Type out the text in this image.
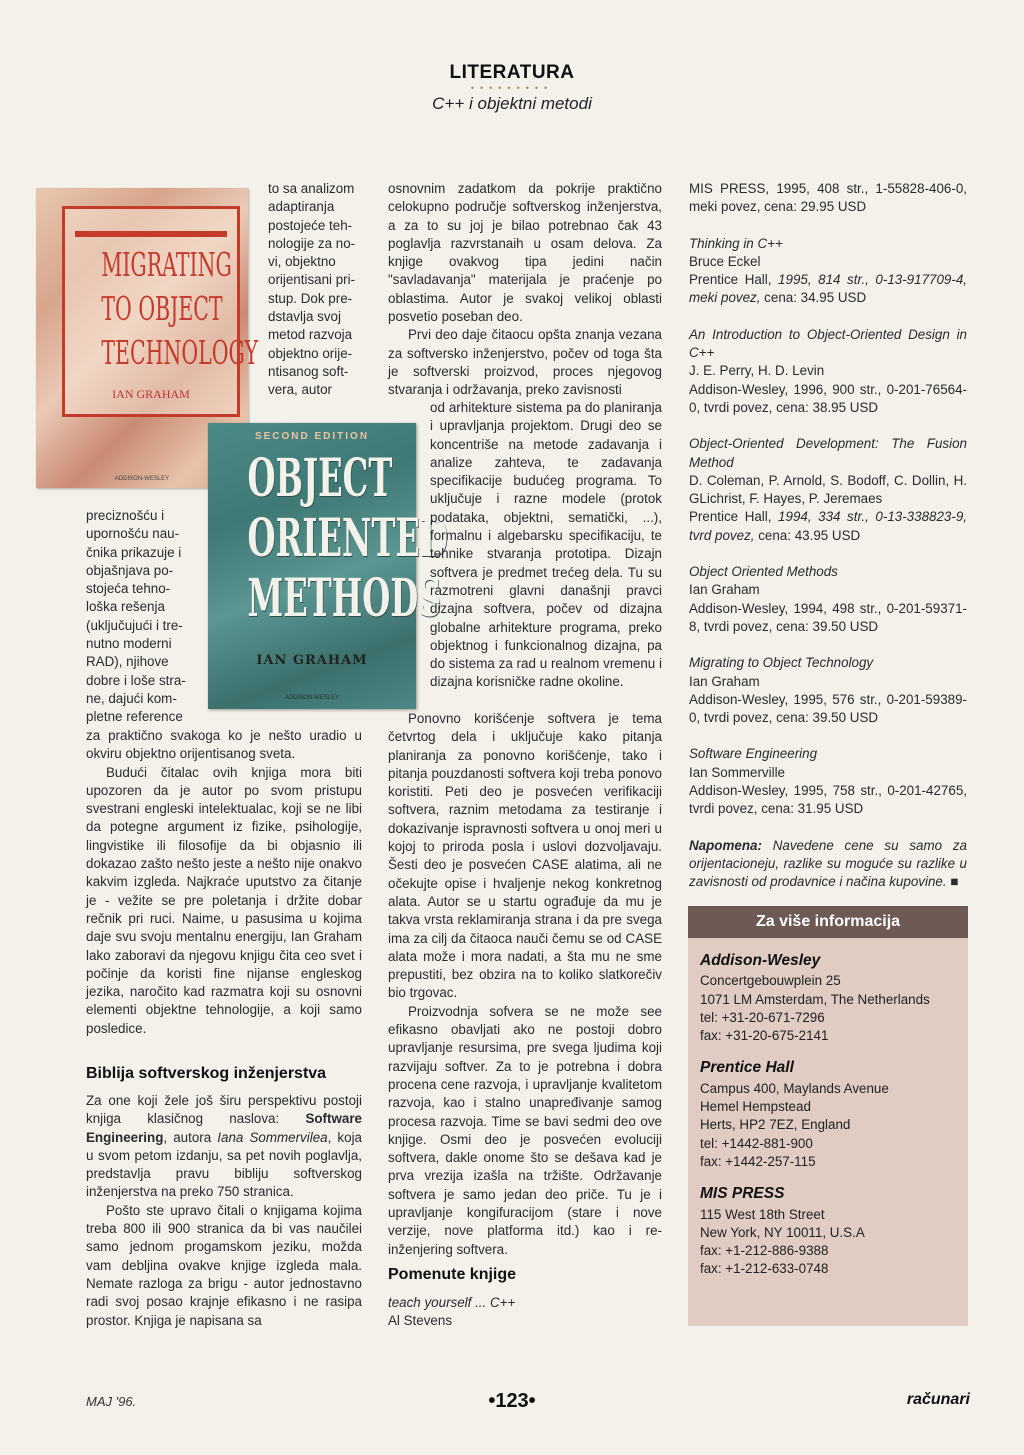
LITERATURA
•••••••••
C++ i objektni metodi
MIGRATING
TO OBJECT
TECHNOLOGY
IAN GRAHAM
ADDISON-WESLEY
SECOND EDITION
OBJECT
ORIENTED
METHODS
IAN GRAHAM
ADDISON-WESLEY
to sa analizom
adaptiranja
postojeće teh-
nologije za no-
vi, objektno
orijentisani pri-
stup. Dok pre-
dstavlja svoj
metod razvoja
objektno orije-
ntisanog soft-
vera, autor
preciznošću i
upornošću nau-
čnika prikazuje i
objašnjava po-
stojeća tehno-
loška rešenja
(uključujući i tre-
nutno moderni
RAD), njihove
dobre i loše stra-
ne, dajući kom-
pletne reference

za praktično svakoga ko je nešto uradio u okviru objektno orijentisanog sveta.

Budući čitalac ovih knjiga mora biti upozoren da je autor po svom pristupu svestrani engleski intelektualac, koji se ne libi da potegne argument iz fizike, psihologije, lingvistike ili filosofije da bi objasnio ili dokazao zašto nešto jeste a nešto nije onakvo kakvim izgleda. Najkraće uputstvo za čitanje je - vežite se pre poletanja i držite dobar rečnik pri ruci. Naime, u pasusima u kojima daje svu svoju mentalnu energiju, Ian Graham lako zaboravi da njegovu knjigu čita ceo svet i počinje da koristi fine nijanse engleskog jezika, naročito kad razmatra koji su osnovni elementi objektne tehnologije, a koji samo posledice.

Biblija softverskog inženjerstva

Za one koji žele još širu perspektivu postoji knjiga klasičnog naslova: Software Engineering, autora Iana Sommervilea, koja u svom petom izdanju, sa pet novih poglavlja, predstavlja pravu bibliju softverskog inženjerstva na preko 750 stranica.

Pošto ste upravo čitali o knjigama kojima treba 800 ili 900 stranica da bi vas naučilei samo jednom progamskom jeziku, možda vam debljina ovakve knjige izgleda mala. Nemate razloga za brigu - autor jednostavno radi svoj posao krajnje efikasno i ne rasipa prostor. Knjiga je napisana sa

osnovnim zadatkom da pokrije praktično celokupno područje softverskog inženjerstva, a za to su joj je bilao potrebnao čak 43 poglavlja razvrstanaih u osam delova. Za knjige ovakvog tipa jedini način "savladavanja" materijala je praćenje po oblastima. Autor je svakoj velikoj oblasti posvetio poseban deo.

Prvi deo daje čitaocu opšta znanja vezana za softversko inženjerstvo, počev od toga šta je softverski proizvod, proces njegovog stvaranja i održavanja, preko zavisnosti

od arhitekture sistema pa do planiranja i upravljanja projektom. Drugi deo se koncentriše na metode zadavanja i analize zahteva, te zadavanja specifikacije budućeg programa. To uključuje i razne modele (protok podataka, objektni, sematički, ...), formalnu i algebarsku specifikaciju, te tehnike stvaranja prototipa. Dizajn softvera je predmet trećeg dela. Tu su razmotreni glavni današnji pravci dizajna softvera, počev od dizajna globalne arhitekture programa, preko objektnog i funkcionalnog dizajna, pa do sistema za rad u realnom vremenu i dizajna korisničke radne okoline.

Ponovno korišćenje softvera je tema četvrtog dela i uključuje kako pitanja planiranja za ponovno korišćenje, tako i pitanja pouzdanosti softvera koji treba ponovo koristiti. Peti deo je posvećen verifikaciji softvera, raznim metodama za testiranje i dokazivanje ispravnosti softvera u onoj meri u kojoj to priroda posla i uslovi dozvoljavaju. Šesti deo je posvećen CASE alatima, ali ne očekujte opise i hvaljenje nekog konkretnog alata. Autor se u startu ograđuje da mu je takva vrsta reklamiranja strana i da pre svega ima za cilj da čitaoca nauči čemu se od CASE alata može i mora nadati, a šta mu ne sme prepustiti, bez obzira na to koliko slatkorečiv bio trgovac.

Proizvodnja sofvera se ne može see efikasno obavljati ako ne postoji dobro upravljanje resursima, pre svega ljudima koji razvijaju softver. Za to je potrebna i dobra procena cene razvoja, i upravljanje kvalitetom razvoja, kao i stalno unapređivanje samog procesa razvoja. Time se bavi sedmi deo ove knjige. Osmi deo je posvećen evoluciji softvera, dakle onome što se dešava kad je prva vrezija izašla na tržište. Održavanje softvera je samo jedan deo priče. Tu je i upravljanje kongifuracijom (stare i nove verzije, nove platforma itd.) kao i re-inženjering softvera.

Pomenute knjige
teach yourself ... C++
Al Stevens
MIS PRESS, 1995, 408 str., 1-55828-406-0, meki povez, cena: 29.95 USD
Thinking in C++
Bruce Eckel
Prentice Hall, 1995, 814 str., 0-13-917709-4, meki povez, cena: 34.95 USD
An Introduction to Object-Oriented Design in C++
J. E. Perry, H. D. Levin
Addison-Wesley, 1996, 900 str., 0-201-76564-0, tvrdi povez, cena: 38.95 USD
Object-Oriented Development: The Fusion Method
D. Coleman, P. Arnold, S. Bodoff, C. Dollin, H. GLichrist, F. Hayes, P. Jeremaes
Prentice Hall, 1994, 334 str., 0-13-338823-9, tvrd povez, cena: 43.95 USD
Object Oriented Methods
Ian Graham
Addison-Wesley, 1994, 498 str., 0-201-59371-8, tvrdi povez, cena: 39.50 USD
Migrating to Object Technology
Ian Graham
Addison-Wesley, 1995, 576 str., 0-201-59389-0, tvrdi povez, cena: 39.50 USD
Software Engineering
Ian Sommerville
Addison-Wesley, 1995, 758 str., 0-201-42765, tvrdi povez, cena: 31.95 USD
Napomena: Navedene cene su samo za orijentacioneju, razlike su moguće su razlike u zavisnosti od prodavnice i načina kupovine. ■
Za više informacija
Addison-Wesley
Concertgebouwplein 25
1071 LM Amsterdam, The Netherlands
tel: +31-20-671-7296
fax: +31-20-675-2141
Prentice Hall
Campus 400, Maylands Avenue
Hemel Hempstead
Herts, HP2 7EZ, England
tel: +1442-881-900
fax: +1442-257-115
MIS PRESS
115 West 18th Street
New York, NY 10011, U.S.A
fax: +1-212-886-9388
fax: +1-212-633-0748
MAJ '96.	•123•	računari
